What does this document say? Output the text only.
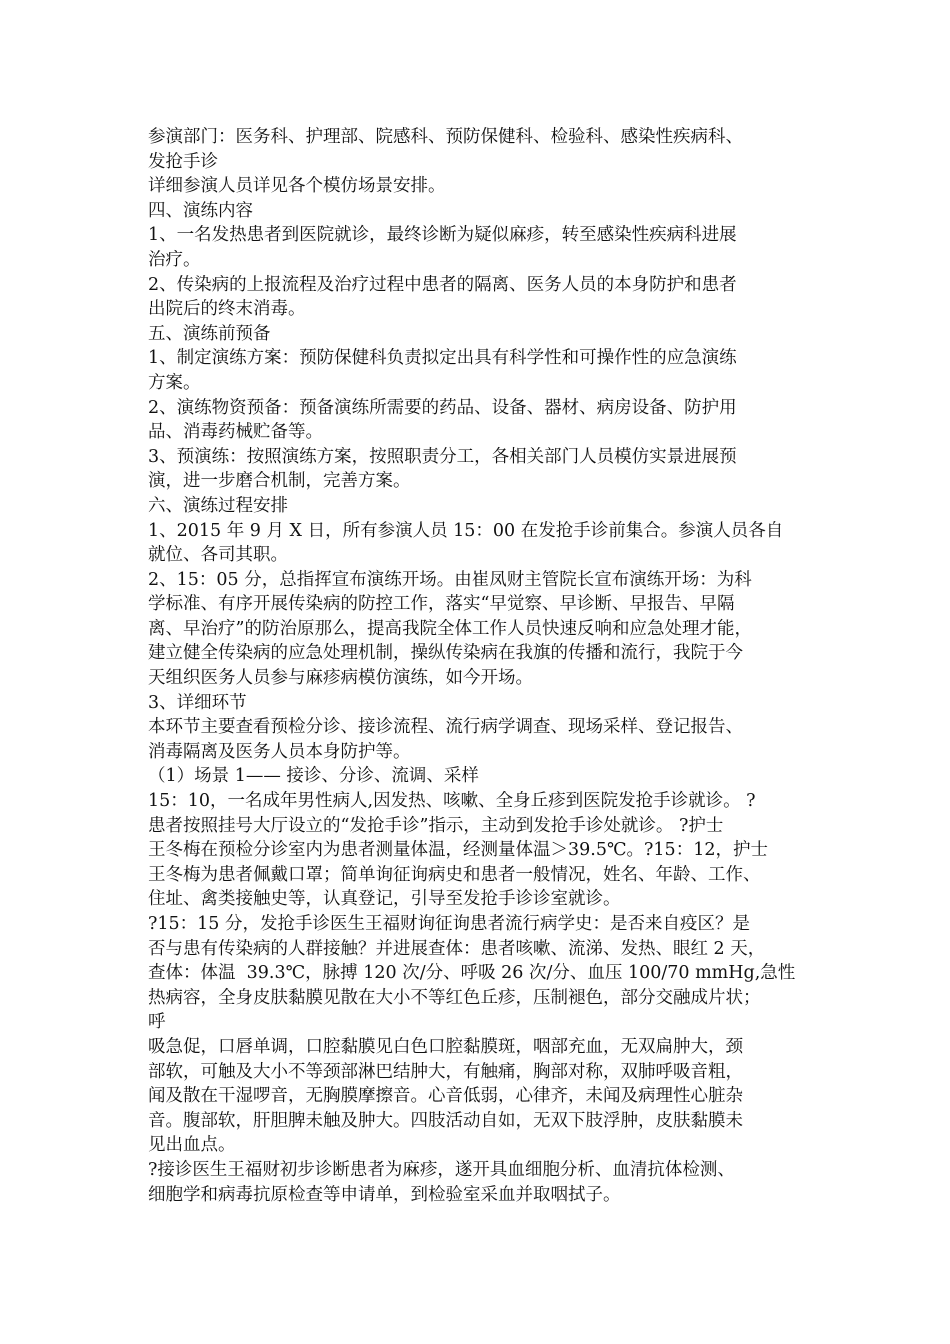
参演部门：医务科、护理部、院感科、预防保健科、检验科、感染性疾病科、
发抢手诊
详细参演人员详见各个模仿场景安排。
四、演练内容
1、一名发热患者到医院就诊，最终诊断为疑似麻疹，转至感染性疾病科进展
治疗。
2、传染病的上报流程及治疗过程中患者的隔离、医务人员的本身防护和患者
出院后的终末消毒。
五、演练前预备
1、制定演练方案：预防保健科负责拟定出具有科学性和可操作性的应急演练
方案。
2、演练物资预备：预备演练所需要的药品、设备、器材、病房设备、防护用
品、消毒药械贮备等。
3、预演练：按照演练方案，按照职责分工，各相关部门人员模仿实景进展预
演，进一步磨合机制，完善方案。
六、演练过程安排
1、2015 年 9 月 X 日，所有参演人员 15：00 在发抢手诊前集合。参演人员各自
就位、各司其职。
2、15：05 分，总指挥宣布演练开场。由崔凤财主管院长宣布演练开场：为科
学标准、有序开展传染病的防控工作，落实“早觉察、早诊断、早报告、早隔
离、早治疗”的防治原那么，提高我院全体工作人员快速反响和应急处理才能，
建立健全传染病的应急处理机制，操纵传染病在我旗的传播和流行，我院于今
天组织医务人员参与麻疹病模仿演练，如今开场。
3、详细环节
本环节主要查看预检分诊、接诊流程、流行病学调查、现场采样、登记报告、
消毒隔离及医务人员本身防护等。
（1）场景 1—— 接诊、分诊、流调、采样
15：10，一名成年男性病人,因发热、咳嗽、全身丘疹到医院发抢手诊就诊。 ?
患者按照挂号大厅设立的“发抢手诊”指示，主动到发抢手诊处就诊。 ?护士
王冬梅在预检分诊室内为患者测量体温，经测量体温＞39.5℃。?15：12，护士
王冬梅为患者佩戴口罩；简单询征询病史和患者一般情况，姓名、年龄、工作、
住址、禽类接触史等，认真登记，引导至发抢手诊诊室就诊。
?15：15 分，发抢手诊医生王福财询征询患者流行病学史：是否来自疫区？是
否与患有传染病的人群接触？并进展查体：患者咳嗽、流涕、发热、眼红 2 天，
查体：体温  39.3℃，脉搏 120 次/分、呼吸 26 次/分、血压 100/70 mmHg,急性
热病容，全身皮肤黏膜见散在大小不等红色丘疹，压制褪色，部分交融成片状；
呼
吸急促，口唇单调，口腔黏膜见白色口腔黏膜斑，咽部充血，无双扁肿大，颈
部软，可触及大小不等颈部淋巴结肿大，有触痛，胸部对称，双肺呼吸音粗，
闻及散在干湿啰音，无胸膜摩擦音。心音低弱，心律齐，未闻及病理性心脏杂
音。腹部软，肝胆脾未触及肿大。四肢活动自如，无双下肢浮肿，皮肤黏膜未
见出血点。
?接诊医生王福财初步诊断患者为麻疹，遂开具血细胞分析、血清抗体检测、
细胞学和病毒抗原检查等申请单，到检验室采血并取咽拭子。
